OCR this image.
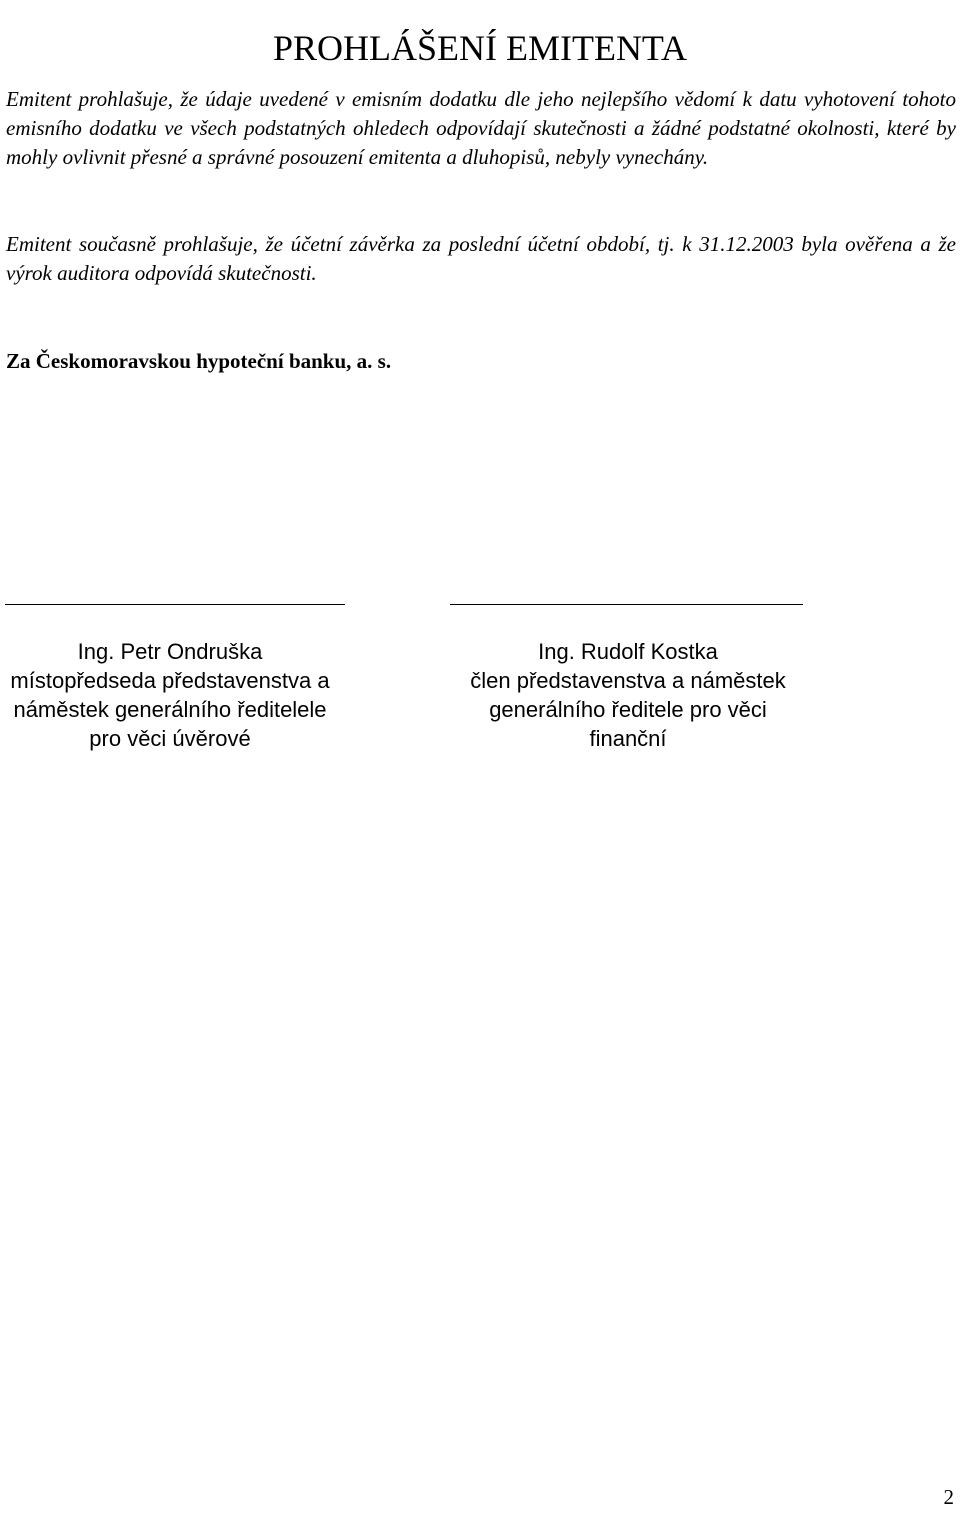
PROHLÁŠENÍ EMITENTA

Emitent prohlašuje, že údaje uvedené v emisním dodatku dle jeho nejlepšího vědomí k datu vyhotovení tohoto emisního dodatku ve všech podstatných ohledech odpovídají skutečnosti a žádné podstatné okolnosti, které by mohly ovlivnit přesné a správné posouzení emitenta a dluhopisů, nebyly vynechány.

Emitent současně prohlašuje, že účetní závěrka za poslední účetní období, tj. k 31.12.2003 byla ověřena a že výrok auditora odpovídá skutečnosti.

Za Českomoravskou hypoteční banku, a. s.

Ing. Petr Ondruška
místopředseda představenstva a
náměstek generálního ředitelele
pro věci úvěrové
Ing. Rudolf Kostka
člen představenstva a náměstek
generálního ředitele pro věci
finanční
2
